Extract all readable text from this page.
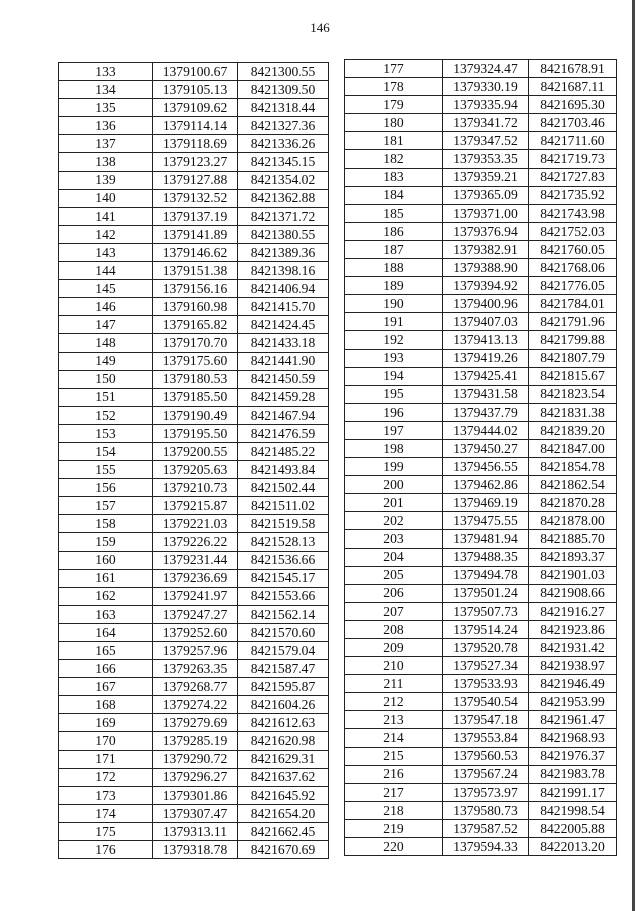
146
133	1379100.67	8421300.55
134	1379105.13	8421309.50
135	1379109.62	8421318.44
136	1379114.14	8421327.36
137	1379118.69	8421336.26
138	1379123.27	8421345.15
139	1379127.88	8421354.02
140	1379132.52	8421362.88
141	1379137.19	8421371.72
142	1379141.89	8421380.55
143	1379146.62	8421389.36
144	1379151.38	8421398.16
145	1379156.16	8421406.94
146	1379160.98	8421415.70
147	1379165.82	8421424.45
148	1379170.70	8421433.18
149	1379175.60	8421441.90
150	1379180.53	8421450.59
151	1379185.50	8421459.28
152	1379190.49	8421467.94
153	1379195.50	8421476.59
154	1379200.55	8421485.22
155	1379205.63	8421493.84
156	1379210.73	8421502.44
157	1379215.87	8421511.02
158	1379221.03	8421519.58
159	1379226.22	8421528.13
160	1379231.44	8421536.66
161	1379236.69	8421545.17
162	1379241.97	8421553.66
163	1379247.27	8421562.14
164	1379252.60	8421570.60
165	1379257.96	8421579.04
166	1379263.35	8421587.47
167	1379268.77	8421595.87
168	1379274.22	8421604.26
169	1379279.69	8421612.63
170	1379285.19	8421620.98
171	1379290.72	8421629.31
172	1379296.27	8421637.62
173	1379301.86	8421645.92
174	1379307.47	8421654.20
175	1379313.11	8421662.45
176	1379318.78	8421670.69
177	1379324.47	8421678.91
178	1379330.19	8421687.11
179	1379335.94	8421695.30
180	1379341.72	8421703.46
181	1379347.52	8421711.60
182	1379353.35	8421719.73
183	1379359.21	8421727.83
184	1379365.09	8421735.92
185	1379371.00	8421743.98
186	1379376.94	8421752.03
187	1379382.91	8421760.05
188	1379388.90	8421768.06
189	1379394.92	8421776.05
190	1379400.96	8421784.01
191	1379407.03	8421791.96
192	1379413.13	8421799.88
193	1379419.26	8421807.79
194	1379425.41	8421815.67
195	1379431.58	8421823.54
196	1379437.79	8421831.38
197	1379444.02	8421839.20
198	1379450.27	8421847.00
199	1379456.55	8421854.78
200	1379462.86	8421862.54
201	1379469.19	8421870.28
202	1379475.55	8421878.00
203	1379481.94	8421885.70
204	1379488.35	8421893.37
205	1379494.78	8421901.03
206	1379501.24	8421908.66
207	1379507.73	8421916.27
208	1379514.24	8421923.86
209	1379520.78	8421931.42
210	1379527.34	8421938.97
211	1379533.93	8421946.49
212	1379540.54	8421953.99
213	1379547.18	8421961.47
214	1379553.84	8421968.93
215	1379560.53	8421976.37
216	1379567.24	8421983.78
217	1379573.97	8421991.17
218	1379580.73	8421998.54
219	1379587.52	8422005.88
220	1379594.33	8422013.20
